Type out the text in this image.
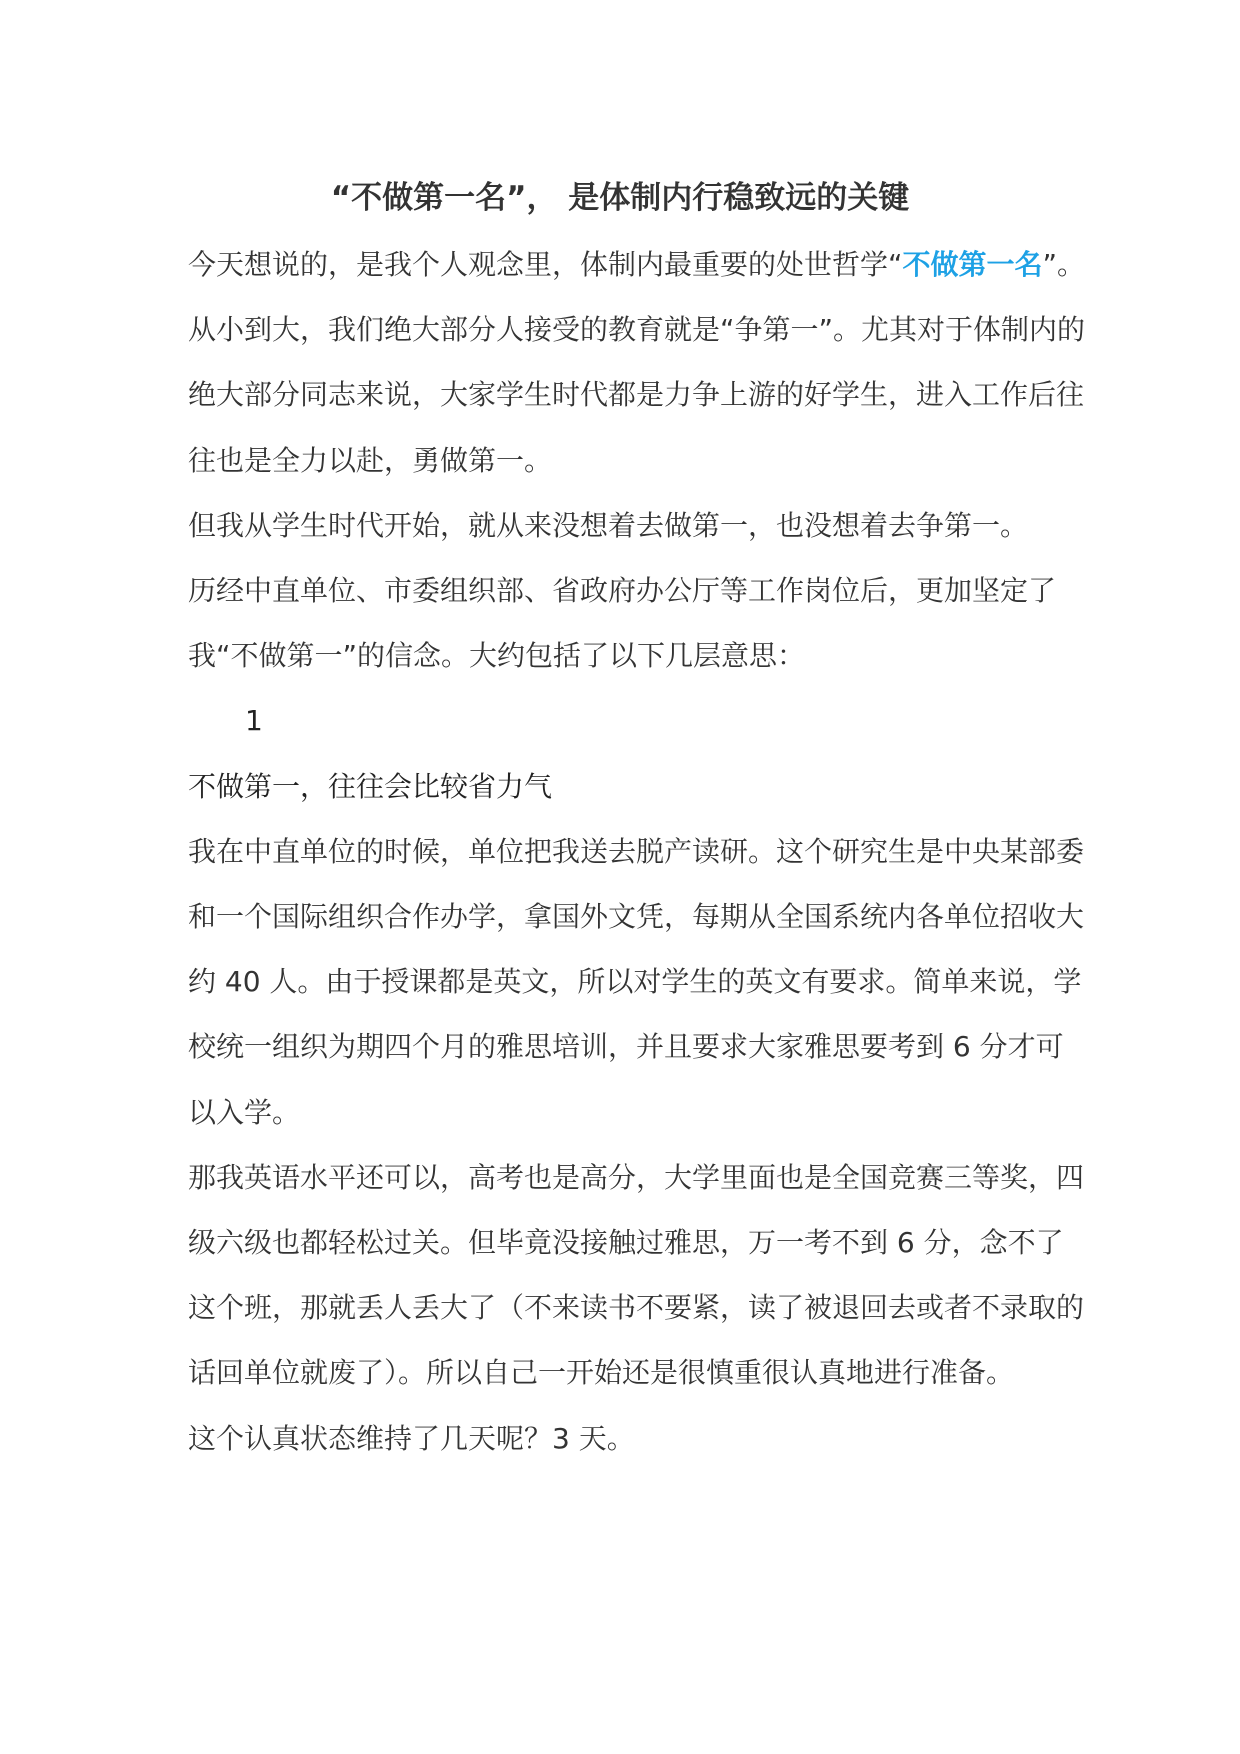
“不做第一名”， 是体制内行稳致远的关键

今天想说的，是我个人观念里，体制内最重要的处世哲学“不做第一名”。

从小到大，我们绝大部分人接受的教育就是“争第一”。尤其对于体制内的绝大部分同志来说，大家学生时代都是力争上游的好学生，进入工作后往往也是全力以赴，勇做第一。

但我从学生时代开始，就从来没想着去做第一，也没想着去争第一。

历经中直单位、市委组织部、省政府办公厅等工作岗位后，更加坚定了我“不做第一”的信念。大约包括了以下几层意思：

1

不做第一，往往会比较省力气

我在中直单位的时候，单位把我送去脱产读研。这个研究生是中央某部委和一个国际组织合作办学，拿国外文凭，每期从全国系统内各单位招收大约 40 人。由于授课都是英文，所以对学生的英文有要求。简单来说，学校统一组织为期四个月的雅思培训，并且要求大家雅思要考到 6 分才可以入学。

那我英语水平还可以，高考也是高分，大学里面也是全国竞赛三等奖，四级六级也都轻松过关。但毕竟没接触过雅思，万一考不到 6 分，念不了这个班，那就丢人丢大了（不来读书不要紧，读了被退回去或者不录取的话回单位就废了）。所以自己一开始还是很慎重很认真地进行准备。

这个认真状态维持了几天呢？3 天。
